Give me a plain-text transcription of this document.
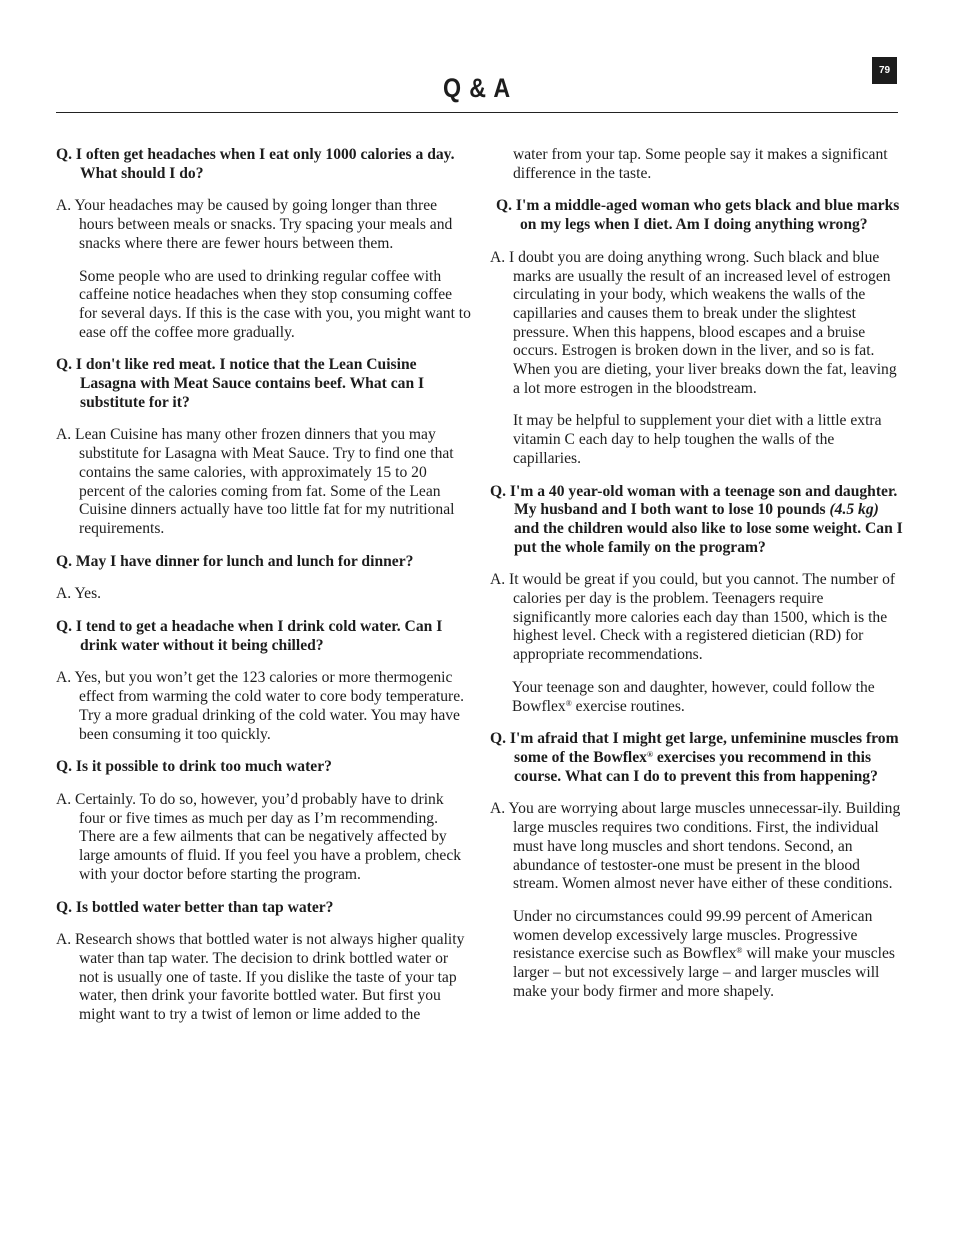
79
Q & A

Q. I often get headaches when I eat only 1000 calories a day. What should I do?

A. Your headaches may be caused by going longer than three hours between meals or snacks. Try spacing your meals and snacks where there are fewer hours between them.

Some people who are used to drinking regular coffee with caffeine notice headaches when they stop consuming coffee for several days. If this is the case with you, you might want to ease off the coffee more gradually.

Q. I don't like red meat. I notice that the Lean Cuisine Lasagna with Meat Sauce contains beef. What can I substitute for it?

A. Lean Cuisine has many other frozen dinners that you may substitute for Lasagna with Meat Sauce. Try to find one that contains the same calories, with approximately 15 to 20 percent of the calories coming from fat. Some of the Lean Cuisine dinners actually have too little fat for my nutritional requirements.

Q. May I have dinner for lunch and lunch for dinner?

A. Yes.

Q. I tend to get a headache when I drink cold water. Can I drink water without it being chilled?

A. Yes, but you won’t get the 123 calories or more thermogenic effect from warming the cold water to core body temperature. Try a more gradual drinking of the cold water. You may have been consuming it too quickly.

Q. Is it possible to drink too much water?

A. Certainly. To do so, however, you’d probably have to drink four or five times as much per day as I’m recommending. There are a few ailments that can be negatively affected by large amounts of fluid. If you feel you have a problem, check with your doctor before starting the program.

Q. Is bottled water better than tap water?

A. Research shows that bottled water is not always higher quality water than tap water. The decision to drink bottled water or not is usually one of taste. If you dislike the taste of your tap water, then drink your favorite bottled water. But first you might want to try a twist of lemon or lime added to the

water from your tap. Some people say it makes a significant difference in the taste.

Q. I'm a middle-aged woman who gets black and blue marks on my legs when I diet. Am I doing anything wrong?

A. I doubt you are doing anything wrong. Such black and blue marks are usually the result of an increased level of estrogen circulating in your body, which weakens the walls of the capillaries and causes them to break under the slightest pressure. When this happens, blood escapes and a bruise occurs. Estrogen is broken down in the liver, and so is fat. When you are dieting, your liver breaks down the fat, leaving a lot more estrogen in the bloodstream.

It may be helpful to supplement your diet with a little extra vitamin C each day to help toughen the walls of the capillaries.

Q. I'm a 40 year-old woman with a teenage son and daughter. My husband and I both want to lose 10 pounds (4.5 kg) and the children would also like to lose some weight. Can I put the whole family on the program?

A. It would be great if you could, but you cannot. The number of calories per day is the problem. Teenagers require significantly more calories each day than 1500, which is the highest level. Check with a registered dietician (RD) for appropriate recommendations.

Your teenage son and daughter, however, could follow the Bowflex® exercise routines.

Q. I'm afraid that I might get large, unfeminine muscles from some of the Bowflex® exercises you recommend in this course. What can I do to prevent this from happening?

A. You are worrying about large muscles unnecessar-ily. Building large muscles requires two conditions. First, the individual must have long muscles and short tendons. Second, an abundance of testoster-one must be present in the blood stream. Women almost never have either of these conditions.

Under no circumstances could 99.99 percent of American women develop excessively large muscles. Progressive resistance exercise such as Bowflex® will make your muscles larger – but not excessively large – and larger muscles will make your body firmer and more shapely.
